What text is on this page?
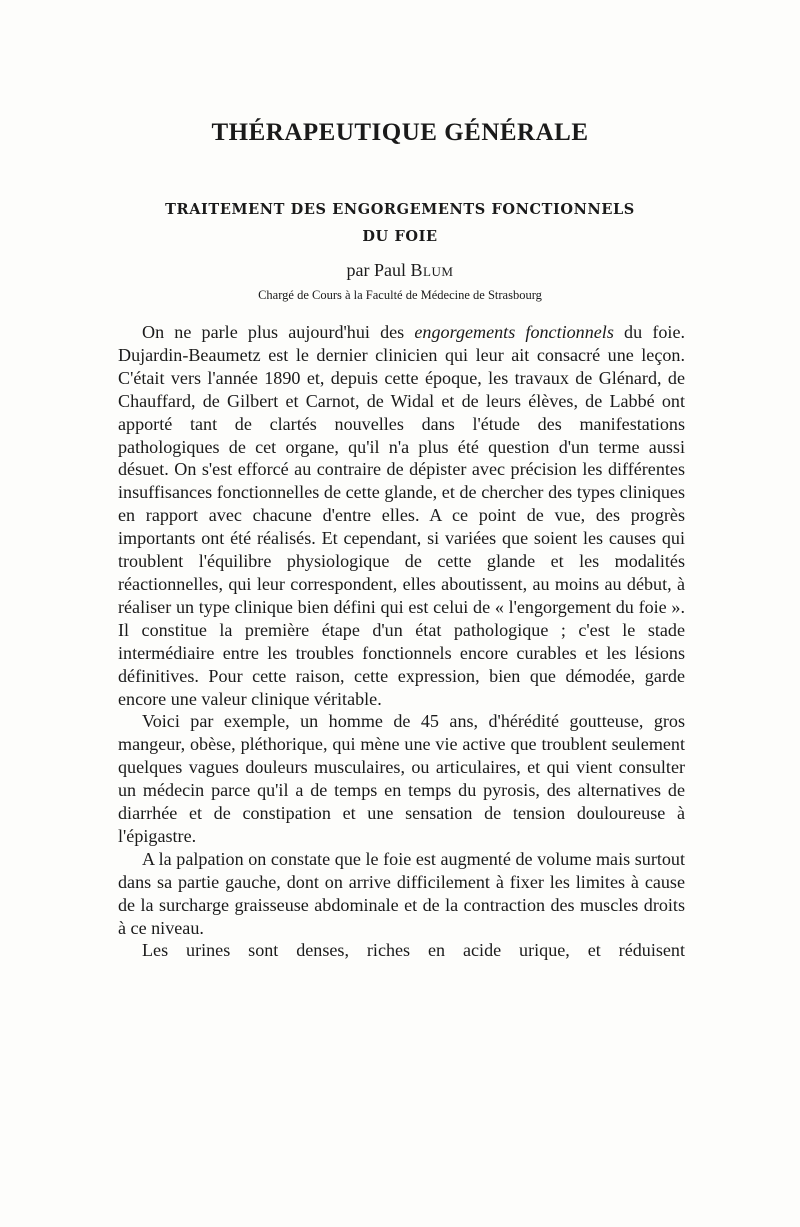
THÉRAPEUTIQUE GÉNÉRALE
TRAITEMENT DES ENGORGEMENTS FONCTIONNELS
DU FOIE

par Paul Blum

Chargé de Cours à la Faculté de Médecine de Strasbourg

On ne parle plus aujourd'hui des engorgements fonctionnels du foie. Dujardin-Beaumetz est le dernier clinicien qui leur ait consacré une leçon. C'était vers l'année 1890 et, depuis cette époque, les travaux de Glénard, de Chauffard, de Gilbert et Carnot, de Widal et de leurs élèves, de Labbé ont apporté tant de clartés nouvelles dans l'étude des manifestations pathologiques de cet organe, qu'il n'a plus été question d'un terme aussi désuet. On s'est efforcé au contraire de dépister avec précision les différentes insuffisances fonctionnelles de cette glande, et de chercher des types cliniques en rapport avec chacune d'entre elles. A ce point de vue, des progrès importants ont été réalisés. Et cependant, si variées que soient les causes qui troublent l'équilibre physiologique de cette glande et les modalités réactionnelles, qui leur correspondent, elles aboutissent, au moins au début, à réaliser un type clinique bien défini qui est celui de « l'engorgement du foie ». Il constitue la première étape d'un état pathologique ; c'est le stade intermédiaire entre les troubles fonctionnels encore curables et les lésions définitives. Pour cette raison, cette expression, bien que démodée, garde encore une valeur clinique véritable.

Voici par exemple, un homme de 45 ans, d'hérédité goutteuse, gros mangeur, obèse, pléthorique, qui mène une vie active que troublent seulement quelques vagues douleurs musculaires, ou articulaires, et qui vient consulter un médecin parce qu'il a de temps en temps du pyrosis, des alternatives de diarrhée et de constipation et une sensation de tension douloureuse à l'épigastre.

A la palpation on constate que le foie est augmenté de volume mais surtout dans sa partie gauche, dont on arrive difficilement à fixer les limites à cause de la surcharge graisseuse abdominale et de la contraction des muscles droits à ce niveau.

Les urines sont denses, riches en acide urique, et réduisent
